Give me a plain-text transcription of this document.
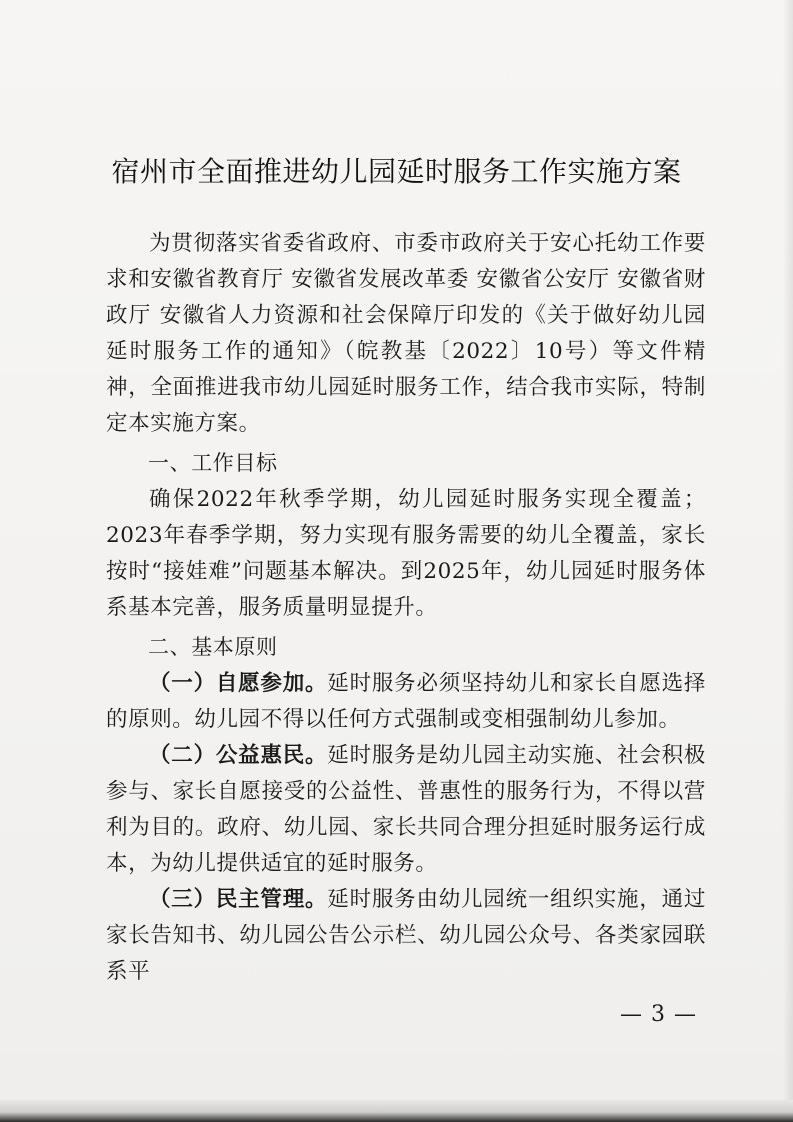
宿州市全面推进幼儿园延时服务工作实施方案

为贯彻落实省委省政府、市委市政府关于安心托幼工作要求和安徽省教育厅 安徽省发展改革委 安徽省公安厅 安徽省财政厅 安徽省人力资源和社会保障厅印发的《关于做好幼儿园延时服务工作的通知》（皖教基〔2022〕10号）等文件精神，全面推进我市幼儿园延时服务工作，结合我市实际，特制定本实施方案。

一、工作目标

确保2022年秋季学期，幼儿园延时服务实现全覆盖；2023年春季学期，努力实现有服务需要的幼儿全覆盖，家长按时“接娃难”问题基本解决。到2025年，幼儿园延时服务体系基本完善，服务质量明显提升。

二、基本原则

（一）自愿参加。延时服务必须坚持幼儿和家长自愿选择的原则。幼儿园不得以任何方式强制或变相强制幼儿参加。

（二）公益惠民。延时服务是幼儿园主动实施、社会积极参与、家长自愿接受的公益性、普惠性的服务行为，不得以营利为目的。政府、幼儿园、家长共同合理分担延时服务运行成本，为幼儿提供适宜的延时服务。

（三）民主管理。延时服务由幼儿园统一组织实施，通过家长告知书、幼儿园公告公示栏、幼儿园公众号、各类家园联系平

— 3 —
